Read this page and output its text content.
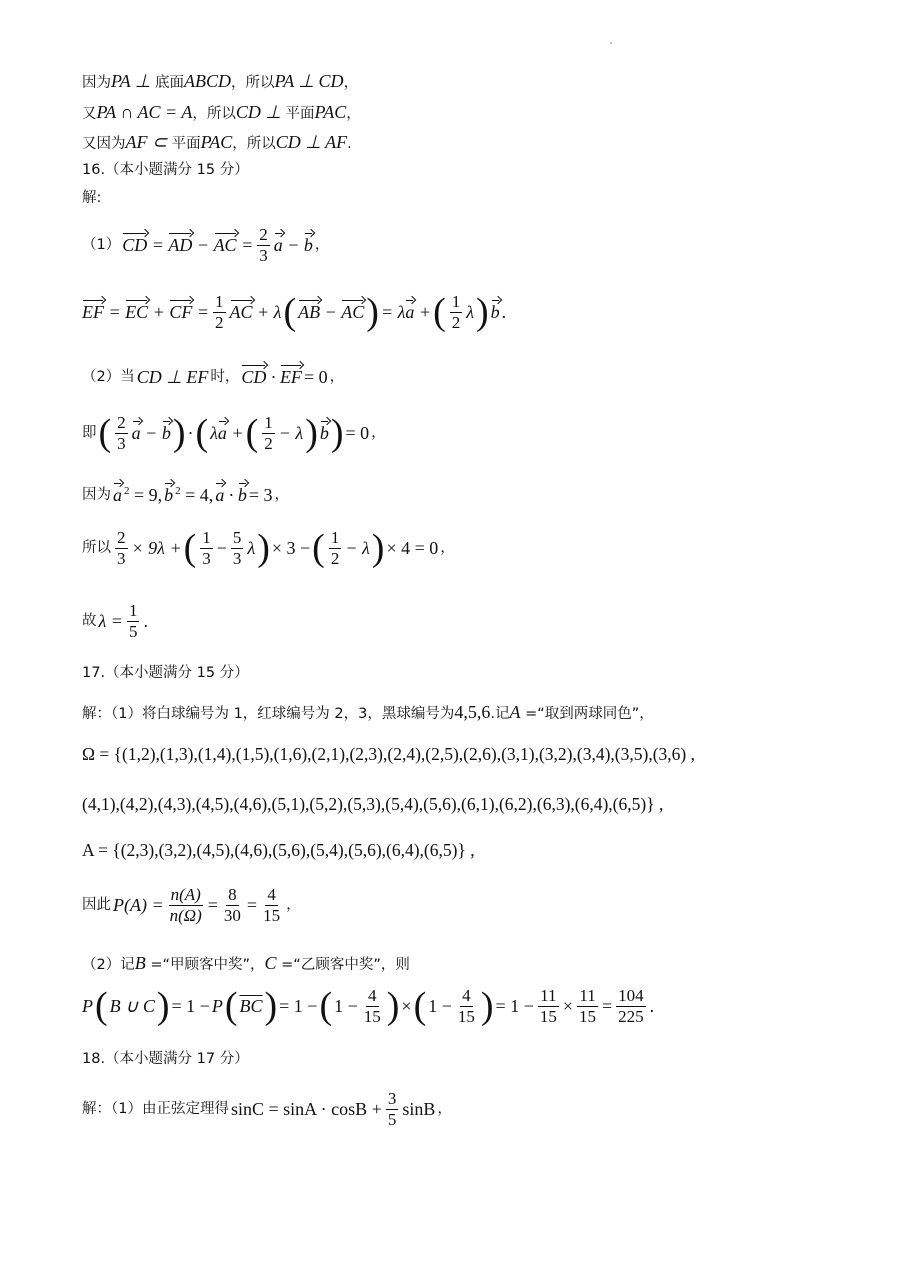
因为PA ⊥ 底面ABCD，所以PA ⊥ CD，
又PA ∩ AC = A，所以CD ⊥ 平面PAC，
又因为AF ⊂ 平面PAC，所以CD ⊥ AF.
16.（本小题满分 15 分）
解:
（1） CD = AD − AC = $\frac{2}{3}$ a − b ，
EF = EC + CF = $\frac{1}{2}$ AC + λ ( AB − AC ) = λa + ( 1
2 λ ) b .
（2）当 CD ⊥ EF 时， CD · EF = 0 ，
即 ( 2
3 a − b ) · ( λa + ( 1
2 − λ ) b ) = 0 ，
因为 a $^2$ = 9, b $^2$ = 4, a · b = 3 ，
所以 $\frac{2}{3} \times 9\lambda$ + ( 1
$3 - \frac{5}{3}$ λ ) × 3 − ( 1
2 − λ ) × 4 = 0 ，
故 $\lambda = \frac{1}{5}$ .
17.（本小题满分 15 分）
解：（1）将白球编号为 1，红球编号为 2，3，黑球编号为4,5,6.记A =“取到两球同色”，
Ω = {(1,2),(1,3),(1,4),(1,5),(1,6),(2,1),(2,3),(2,4),(2,5),(2,6),(3,1),(3,2),(3,4),(3,5),(3,6) ,
(4,1),(4,2),(4,3),(4,5),(4,6),(5,1),(5,2),(5,3),(5,4),(5,6),(6,1),(6,2),(6,3),(6,4),(6,5)} ,
A = {(2,3),(3,2),(4,5),(4,6),(5,6),(5,4),(5,6),(6,4),(6,5)} ,
因此 $P(A) = \frac{n(A)}{n(\Omega)} = \frac{8}{30} = \frac{4}{15}$ ，
（2）记B =“甲顾客中奖”，C =“乙顾客中奖”，则
P ( B ∪ C ) = 1 − P ( $\overline{BC}$ ) = 1 − ( $1 - \frac{4}{15}$ ) × ( $1 - \frac{4}{15}$ ) = $1 - \frac{11}{15} \times \frac{11}{15} = \frac{104}{225}$ .
18.（本小题满分 17 分）
解：（1）由正弦定理得 $\sin C = \sin A \cdot \cos B + \frac{3}{5}$ sinB ，
